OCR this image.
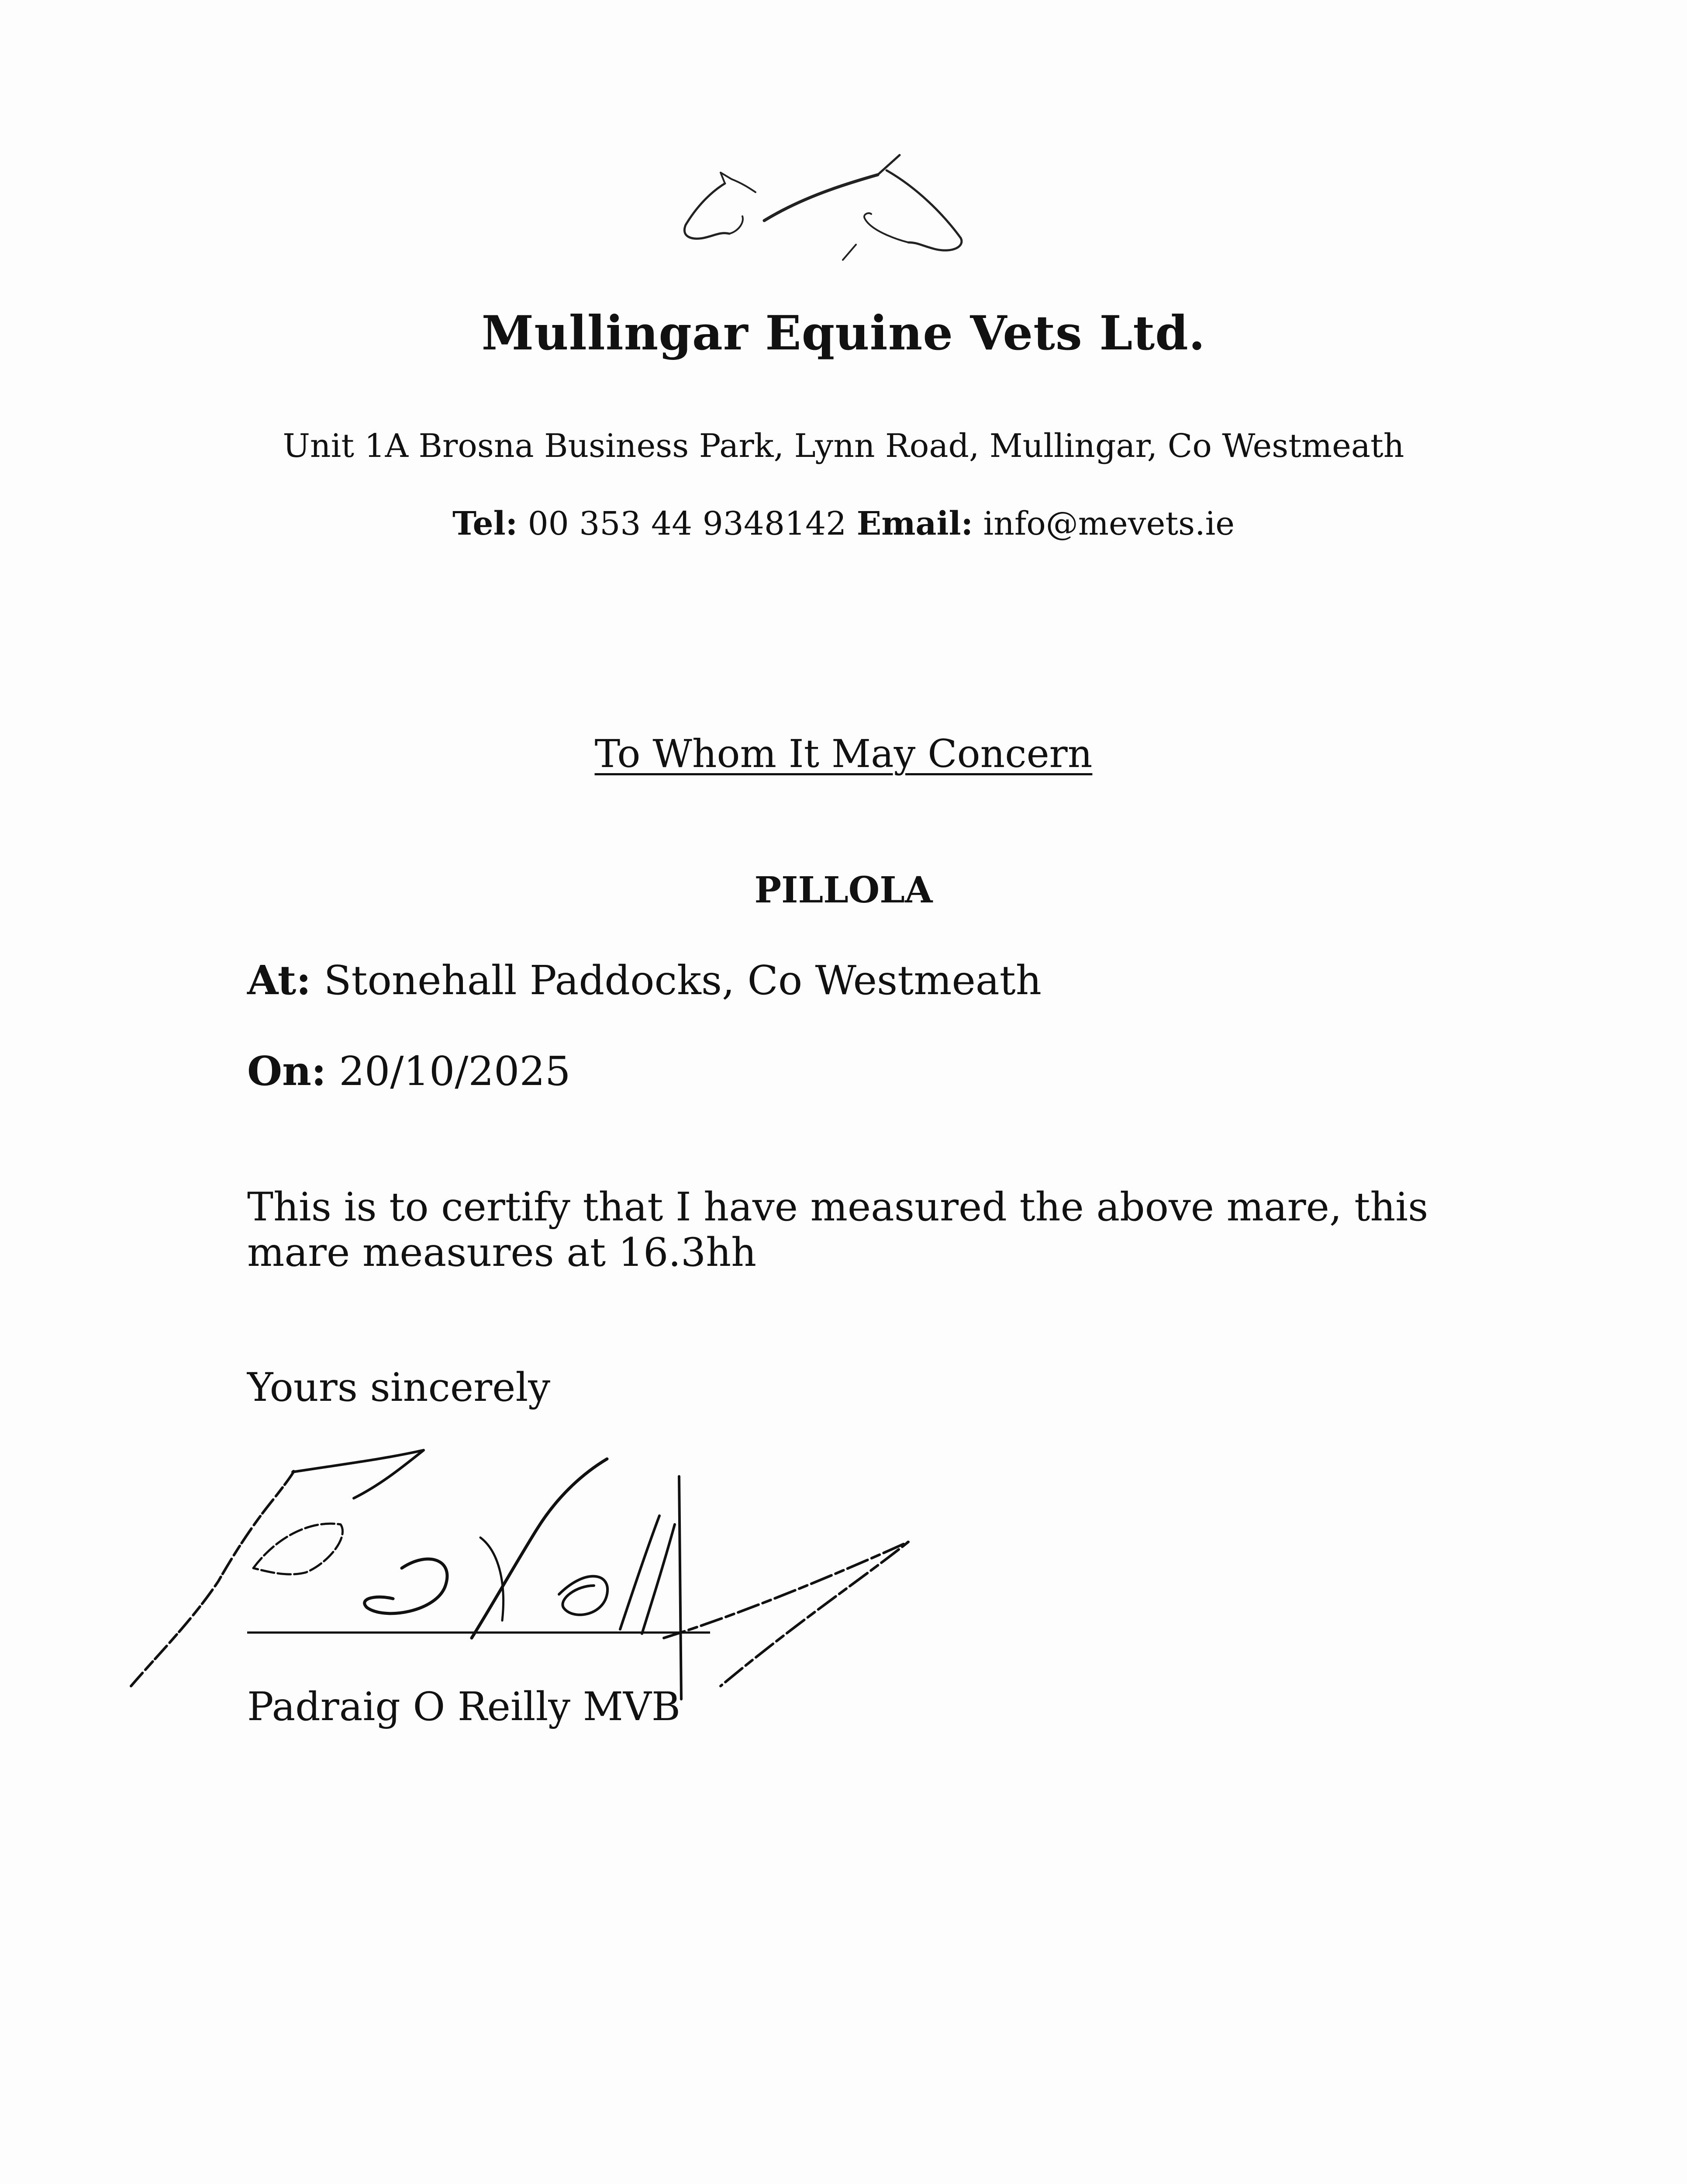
Mullingar Equine Vets Ltd.
Unit 1A Brosna Business Park, Lynn Road, Mullingar, Co Westmeath
Tel: 00 353 44 9348142 Email: info@mevets.ie
To Whom It May Concern
PILLOLA
At: Stonehall Paddocks, Co Westmeath
On: 20/10/2025
This is to certify that I have measured the above mare, this mare measures at 16.3hh
Yours sincerely
Padraig O Reilly MVB
